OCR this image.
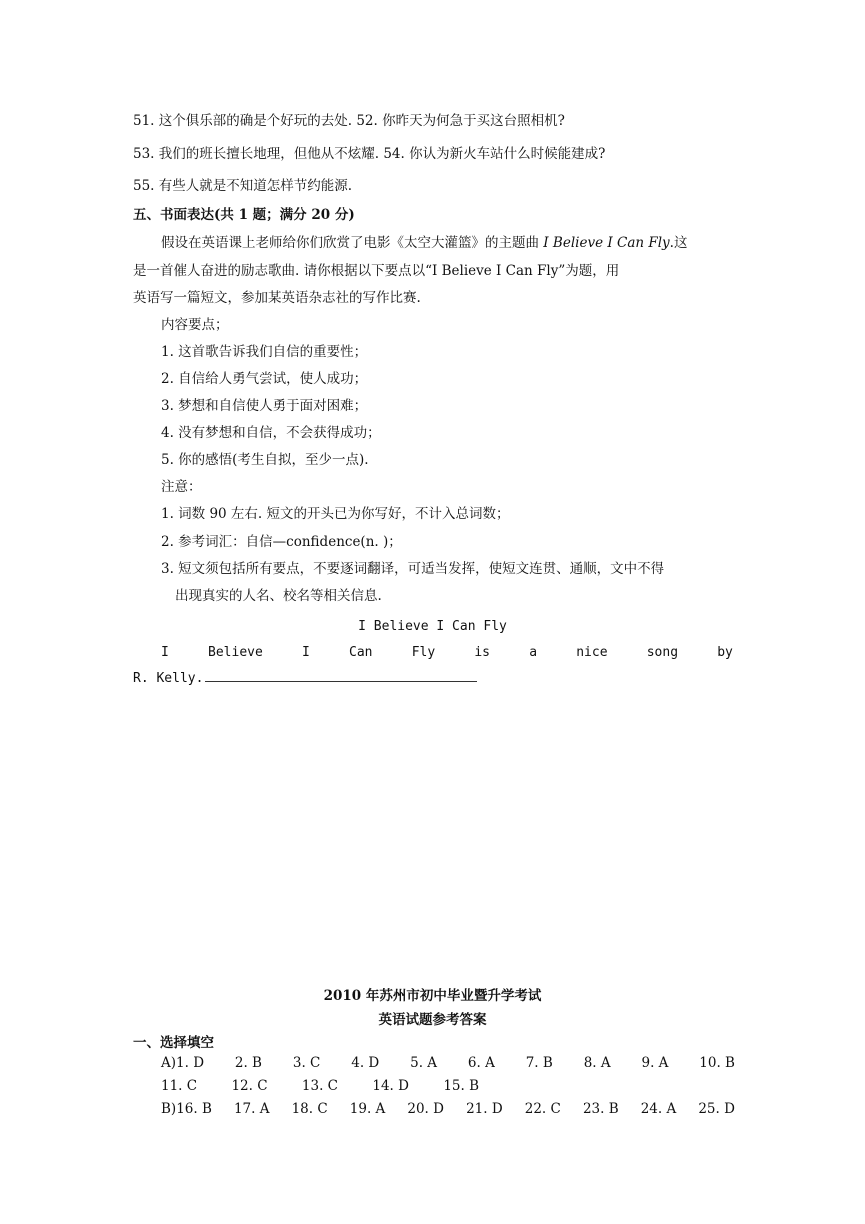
51. 这个俱乐部的确是个好玩的去处. 52. 你昨天为何急于买这台照相机?
53. 我们的班长擅长地理，但他从不炫耀. 54. 你认为新火车站什么时候能建成?
55. 有些人就是不知道怎样节约能源.
五、书面表达(共 1 题；满分 20 分)
假设在英语课上老师给你们欣赏了电影《太空大灌篮》的主题曲 I Believe I Can Fly.这
是一首催人奋进的励志歌曲. 请你根据以下要点以“I Believe I Can Fly”为题，用
英语写一篇短文，参加某英语杂志社的写作比赛.
内容要点；
1. 这首歌告诉我们自信的重要性；
2. 自信给人勇气尝试，使人成功；
3. 梦想和自信使人勇于面对困难；
4. 没有梦想和自信，不会获得成功；
5. 你的感悟(考生自拟，至少一点).
注意：
1. 词数 90 左右. 短文的开头已为你写好，不计入总词数；
2. 参考词汇：自信—confidence(n. )；
3. 短文须包括所有要点，不要逐词翻译，可适当发挥，使短文连贯、通顺，文中不得
出现真实的人名、校名等相关信息.
I Believe I Can Fly
I	Believe	I	Can	Fly	is	a	nice	song	by
R. Kelly.
2010 年苏州市初中毕业暨升学考试
英语试题参考答案
一、选择填空
A)1. D 2. B 3. C 4. D 5. A 6. A 7. B 8. A 9. A 10. B
11. C	12. C	13. C	14. D	15. B
B)16. B 17. A 18. C 19. A 20. D 21. D 22. C 23. B 24. A 25. D
